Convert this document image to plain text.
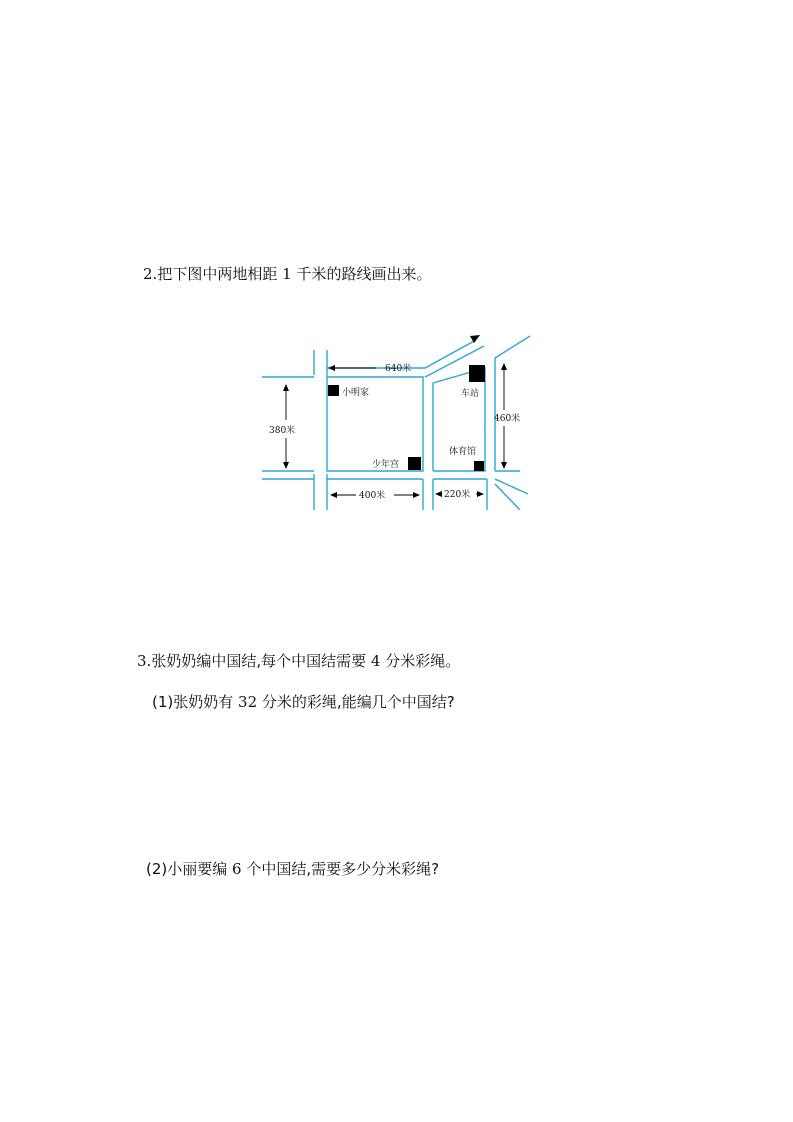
2.把下图中两地相距 1 千米的路线画出来。
小明家	车站
少年宫
体育馆
640米
380米
460米
400米	220米
3.张奶奶编中国结,每个中国结需要 4 分米彩绳。
(1)张奶奶有 32 分米的彩绳,能编几个中国结?
(2)小丽要编 6 个中国结,需要多少分米彩绳?
